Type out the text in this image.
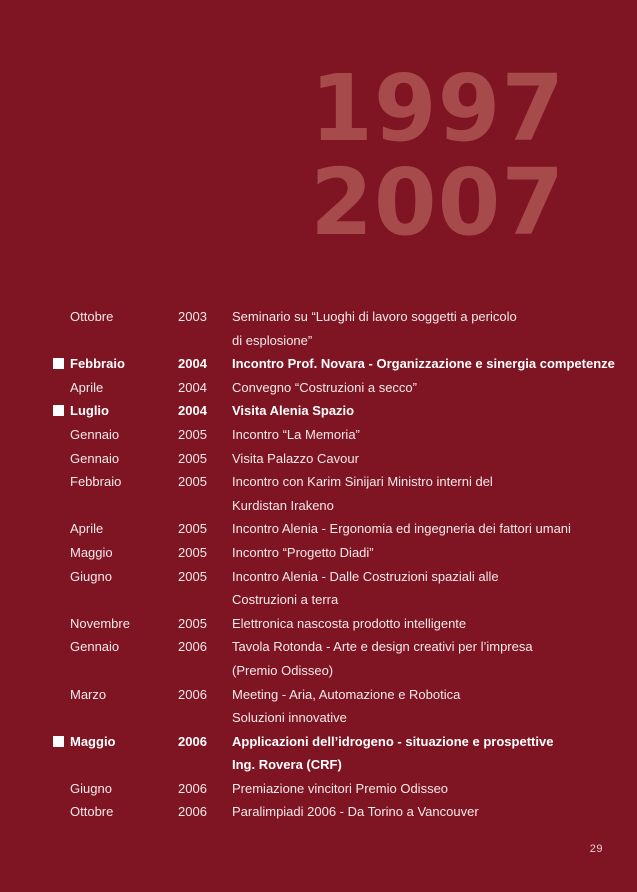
1997
2007
Ottobre	2003 Seminario su “Luoghi di lavoro soggetti a pericolo
di esplosione”
Febbraio	2004 Incontro Prof. Novara - Organizzazione e sinergia competenze
Aprile	2004 Convegno “Costruzioni a secco”
Luglio	2004 Visita Alenia Spazio
Gennaio	2005 Incontro “La Memoria”
Gennaio	2005 Visita Palazzo Cavour
Febbraio	2005 Incontro con Karim Sinijari Ministro interni del
Kurdistan Irakeno
Aprile	2005 Incontro Alenia - Ergonomia ed ingegneria dei fattori umani
Maggio	2005 Incontro “Progetto Diadi”
Giugno	2005 Incontro Alenia - Dalle Costruzioni spaziali alle
Costruzioni a terra
Novembre	2005 Elettronica nascosta prodotto intelligente
Gennaio	2006 Tavola Rotonda - Arte e design creativi per l’impresa
(Premio Odisseo)
Marzo	2006 Meeting - Aria, Automazione e Robotica
Soluzioni innovative
Maggio	2006 Applicazioni dell’idrogeno - situazione e prospettive
Ing. Rovera (CRF)
Giugno	2006 Premiazione vincitori Premio Odisseo
Ottobre	2006 Paralimpiadi 2006 - Da Torino a Vancouver
29
